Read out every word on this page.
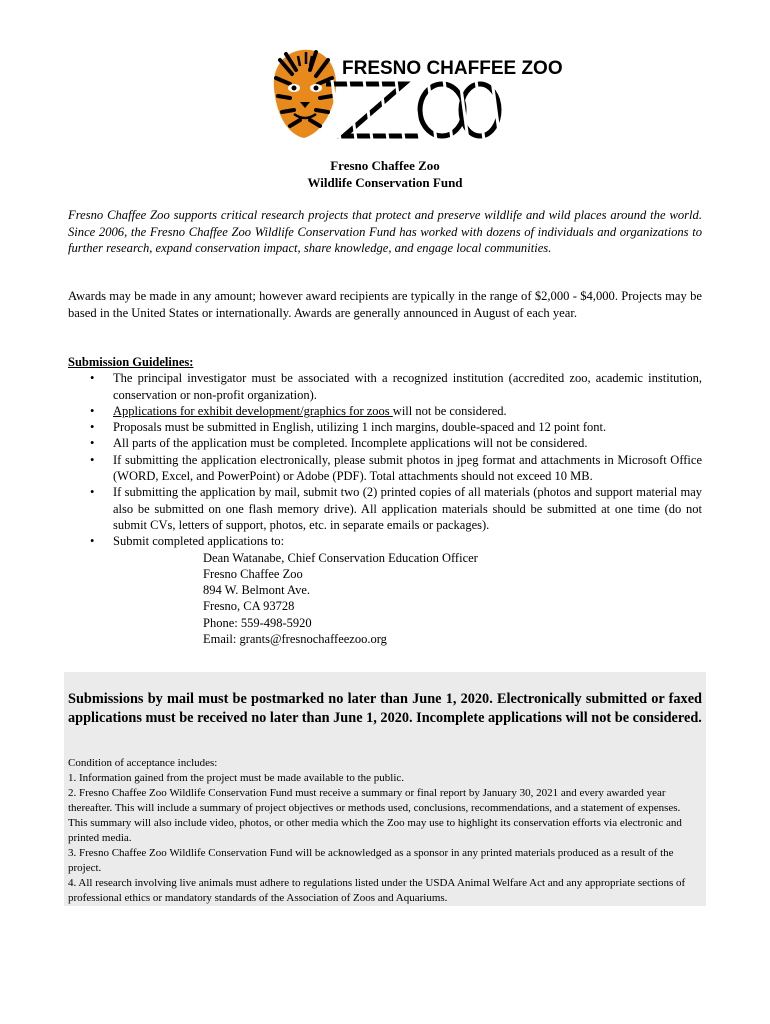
FRESNO CHAFFEE ZOO
Fresno Chaffee Zoo
Wildlife Conservation Fund
Fresno Chaffee Zoo supports critical research projects that protect and preserve wildlife and wild places around the world. Since 2006, the Fresno Chaffee Zoo Wildlife Conservation Fund has worked with dozens of individuals and organizations to further research, expand conservation impact, share knowledge, and engage local communities.
Awards may be made in any amount; however award recipients are typically in the range of $2,000 - $4,000. Projects may be based in the United States or internationally. Awards are generally announced in August of each year.
Submission Guidelines:
• The principal investigator must be associated with a recognized institution (accredited zoo, academic institution, conservation or non-profit organization).
• Applications for exhibit development/graphics for zoos will not be considered.
• Proposals must be submitted in English, utilizing 1 inch margins, double-spaced and 12 point font.
• All parts of the application must be completed. Incomplete applications will not be considered.
• If submitting the application electronically, please submit photos in jpeg format and attachments in Microsoft Office (WORD, Excel, and PowerPoint) or Adobe (PDF). Total attachments should not exceed 10 MB.
• If submitting the application by mail, submit two (2) printed copies of all materials (photos and support material may also be submitted on one flash memory drive). All application materials should be submitted at one time (do not submit CVs, letters of support, photos, etc. in separate emails or packages).
• Submit completed applications to:
Dean Watanabe, Chief Conservation Education Officer
Fresno Chaffee Zoo
894 W. Belmont Ave.
Fresno, CA 93728
Phone: 559-498-5920
Email: grants@fresnochaffeezoo.org
Submissions by mail must be postmarked no later than June 1, 2020. Electronically submitted or faxed applications must be received no later than June 1, 2020. Incomplete applications will not be considered.
Condition of acceptance includes:
1. Information gained from the project must be made available to the public.
2. Fresno Chaffee Zoo Wildlife Conservation Fund must receive a summary or final report by January 30, 2021 and every awarded year thereafter. This will include a summary of project objectives or methods used, conclusions, recommendations, and a statement of expenses. This summary will also include video, photos, or other media which the Zoo may use to highlight its conservation efforts via electronic and printed media.
3. Fresno Chaffee Zoo Wildlife Conservation Fund will be acknowledged as a sponsor in any printed materials produced as a result of the project.
4. All research involving live animals must adhere to regulations listed under the USDA Animal Welfare Act and any appropriate sections of professional ethics or mandatory standards of the Association of Zoos and Aquariums.
